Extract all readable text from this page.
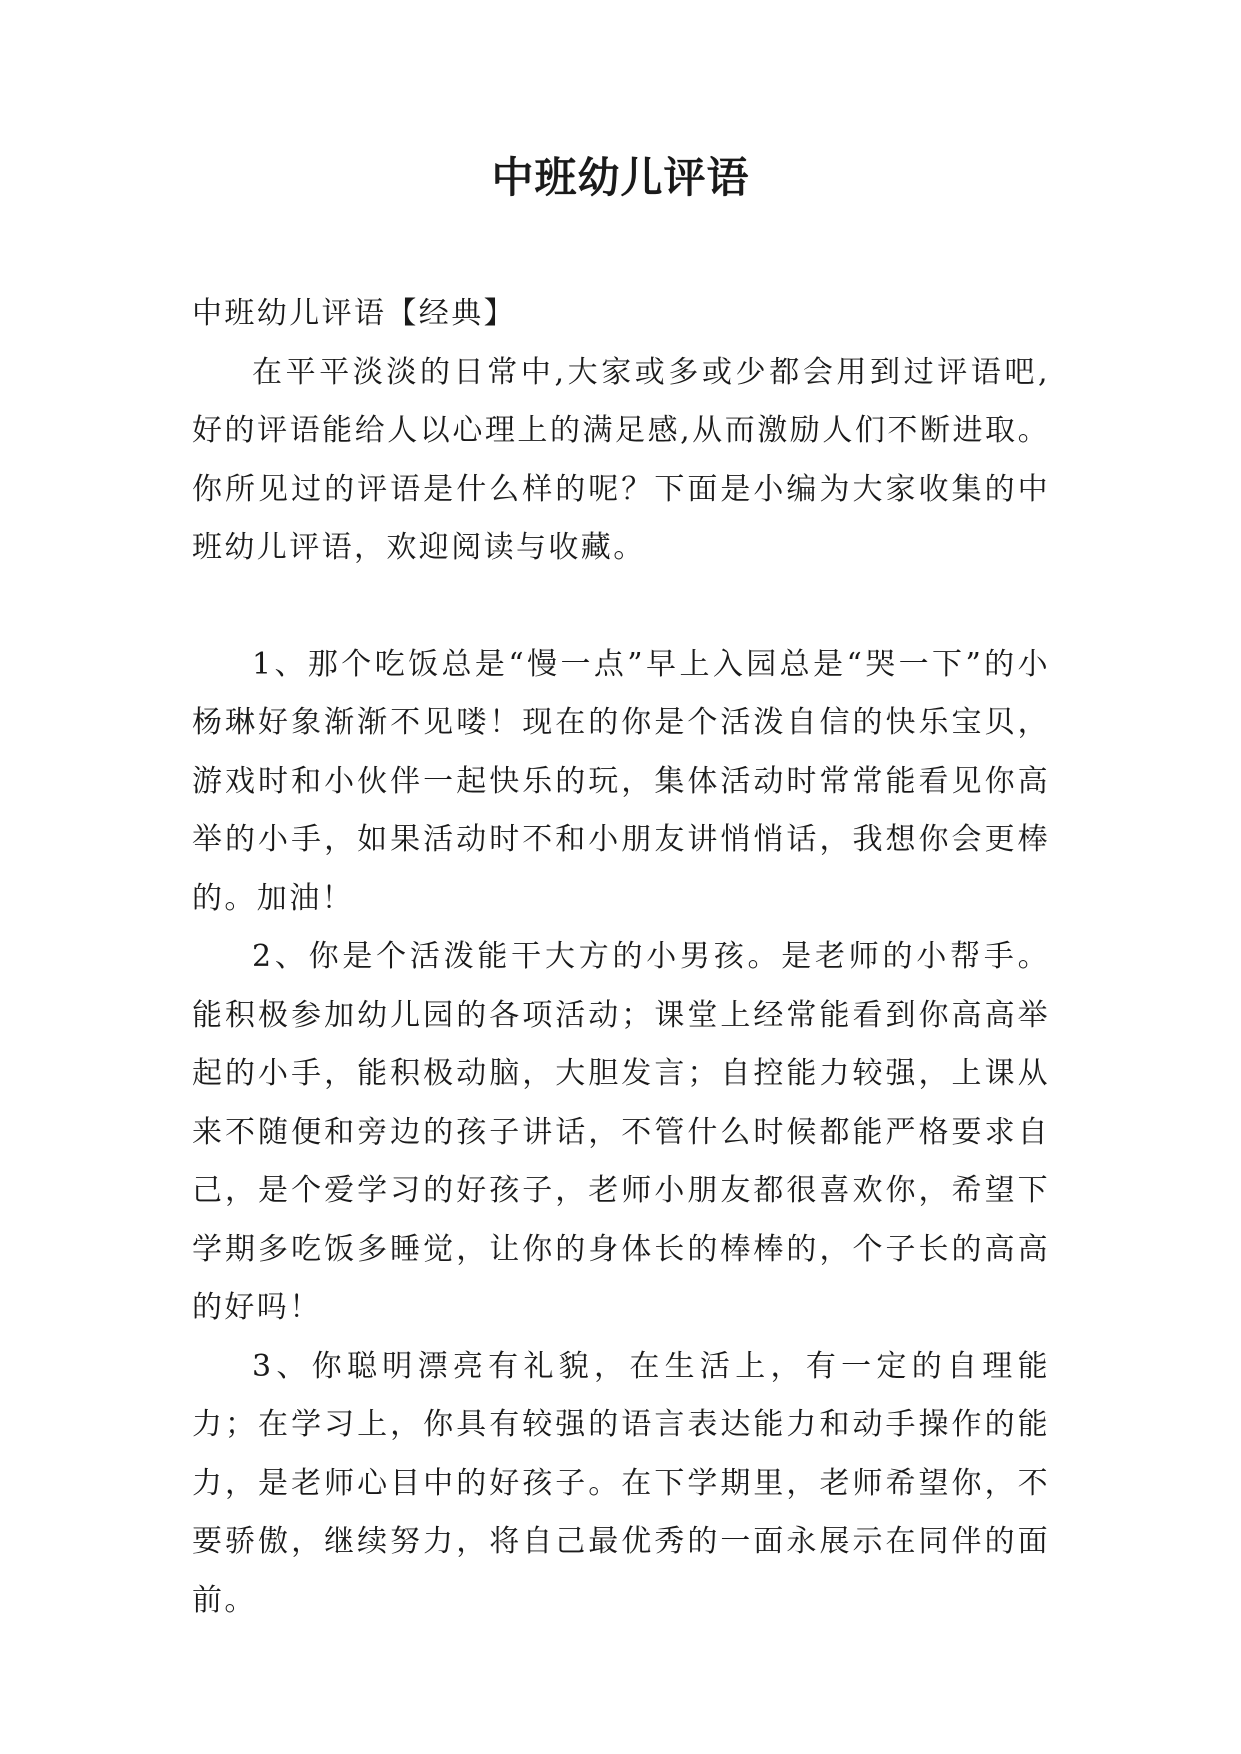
中班幼儿评语

中班幼儿评语【经典】

在平平淡淡的日常中,大家或多或少都会用到过评语吧,好的评语能给人以心理上的满足感,从而激励人们不断进取。你所见过的评语是什么样的呢？下面是小编为大家收集的中班幼儿评语，欢迎阅读与收藏。

1、那个吃饭总是“慢一点”早上入园总是“哭一下”的小杨琳好象渐渐不见喽！现在的你是个活泼自信的快乐宝贝，游戏时和小伙伴一起快乐的玩，集体活动时常常能看见你高举的小手，如果活动时不和小朋友讲悄悄话，我想你会更棒的。加油！

2、你是个活泼能干大方的小男孩。是老师的小帮手。能积极参加幼儿园的各项活动；课堂上经常能看到你高高举起的小手，能积极动脑，大胆发言；自控能力较强，上课从来不随便和旁边的孩子讲话，不管什么时候都能严格要求自己，是个爱学习的好孩子，老师小朋友都很喜欢你，希望下学期多吃饭多睡觉，让你的身体长的棒棒的，个子长的高高的好吗！

3、你聪明漂亮有礼貌，在生活上，有一定的自理能力；在学习上，你具有较强的语言表达能力和动手操作的能力，是老师心目中的好孩子。在下学期里，老师希望你，不要骄傲，继续努力，将自己最优秀的一面永展示在同伴的面前。
